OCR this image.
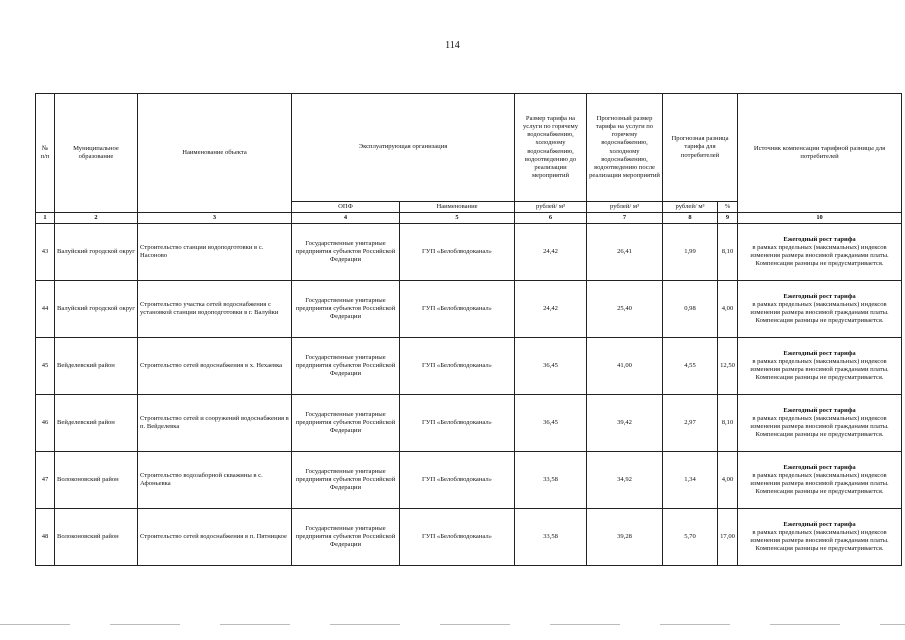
114
№
п/п	Муниципальное образование	Наименование объекта	Эксплуатирующая организация		Размер тарифа на услуги по горячему водоснабжению, холодному водоснабжению, водоотведению до реализации мероприятий	Прогнозный размер тарифа на услуги по горячему водоснабжению, холодному водоснабжению, водоотведению после реализации мероприятий	Прогнозная разница тарифа для потребителей		Источник компенсации тарифной разницы для потребителей
			ОПФ	Наименование	рублей/ м³	рублей/ м³	рублей/ м³	%	
1	2	3	4	5	6	7	8	9	10
43	Валуйский городской округ	Строительство станции водоподготовки в с. Насоново	Государственные унитарные предприятия субъектов Российской Федерации	ГУП «Белоблводоканал»	24,42	26,41	1,99	8,10	Ежегодный рост тарифа
в рамках предельных (максимальных) индексов изменения размера вносимой гражданами платы. Компенсация разницы не предусматривается.

44	Валуйский городской округ	Строительство участка сетей водоснабжения с установкой станции водоподготовки в г. Валуйки	Государственные унитарные предприятия субъектов Российской Федерации	ГУП «Белоблводоканал»	24,42	25,40	0,98	4,00	Ежегодный рост тарифа
в рамках предельных (максимальных) индексов изменения размера вносимой гражданами платы. Компенсация разницы не предусматривается.

45	Вейделевский район	Строительство сетей водоснабжения в х. Нехаевка	Государственные унитарные предприятия субъектов Российской Федерации	ГУП «Белоблводоканал»	36,45	41,00	4,55	12,50	Ежегодный рост тарифа
в рамках предельных (максимальных) индексов изменения размера вносимой гражданами платы. Компенсация разницы не предусматривается.

46	Вейделевский район	Строительство сетей и сооружений водоснабжения в п. Вейделевка	Государственные унитарные предприятия субъектов Российской Федерации	ГУП «Белоблводоканал»	36,45	39,42	2,97	8,10	Ежегодный рост тарифа
в рамках предельных (максимальных) индексов изменения размера вносимой гражданами платы. Компенсация разницы не предусматривается.

47	Волоконовский район	Строительство водозаборной скважины в с. Афоньевка	Государственные унитарные предприятия субъектов Российской Федерации	ГУП «Белоблводоканал»	33,58	34,92	1,34	4,00	Ежегодный рост тарифа
в рамках предельных (максимальных) индексов изменения размера вносимой гражданами платы. Компенсация разницы не предусматривается.

48	Волоконовский район	Строительство сетей водоснабжения в п. Пятницкое	Государственные унитарные предприятия субъектов Российской Федерации	ГУП «Белоблводоканал»	33,58	39,28	5,70	17,00	Ежегодный рост тарифа
в рамках предельных (максимальных) индексов изменения размера вносимой гражданами платы. Компенсация разницы не предусматривается.
